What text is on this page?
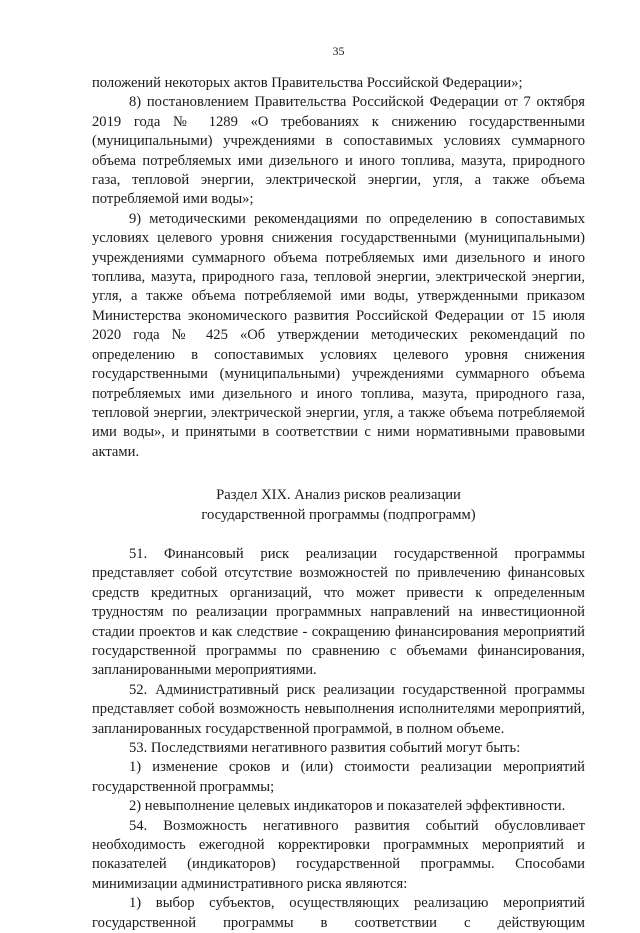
35

положений некоторых актов Правительства Российской Федерации»;

8) постановлением Правительства Российской Федерации от 7 октября 2019 года № 1289 «О требованиях к снижению государственными (муниципальными) учреждениями в сопоставимых условиях суммарного объема потребляемых ими дизельного и иного топлива, мазута, природного газа, тепловой энергии, электрической энергии, угля, а также объема потребляемой ими воды»;

9) методическими рекомендациями по определению в сопоставимых условиях целевого уровня снижения государственными (муниципальными) учреждениями суммарного объема потребляемых ими дизельного и иного топлива, мазута, природного газа, тепловой энергии, электрической энергии, угля, а также объема потребляемой ими воды, утвержденными приказом Министерства экономического развития Российской Федерации от 15 июля 2020 года № 425 «Об утверждении методических рекомендаций по определению в сопоставимых условиях целевого уровня снижения государственными (муниципальными) учреждениями суммарного объема потребляемых ими дизельного и иного топлива, мазута, природного газа, тепловой энергии, электрической энергии, угля, а также объема потребляемой ими воды», и принятыми в соответствии с ними нормативными правовыми актами.

Раздел XIX. Анализ рисков реализации
государственной программы (подпрограмм)

51. Финансовый риск реализации государственной программы представляет собой отсутствие возможностей по привлечению финансовых средств кредитных организаций, что может привести к определенным трудностям по реализации программных направлений на инвестиционной стадии проектов и как следствие - сокращению финансирования мероприятий государственной программы по сравнению с объемами финансирования, запланированными мероприятиями.

52. Административный риск реализации государственной программы представляет собой возможность невыполнения исполнителями мероприятий, запланированных государственной программой, в полном объеме.

53. Последствиями негативного развития событий могут быть:

1) изменение сроков и (или) стоимости реализации мероприятий государственной программы;

2) невыполнение целевых индикаторов и показателей эффективности.

54. Возможность негативного развития событий обусловливает необходимость ежегодной корректировки программных мероприятий и показателей (индикаторов) государственной программы. Способами минимизации административного риска являются:

1) выбор субъектов, осуществляющих реализацию мероприятий государственной программы в соответствии с действующим
